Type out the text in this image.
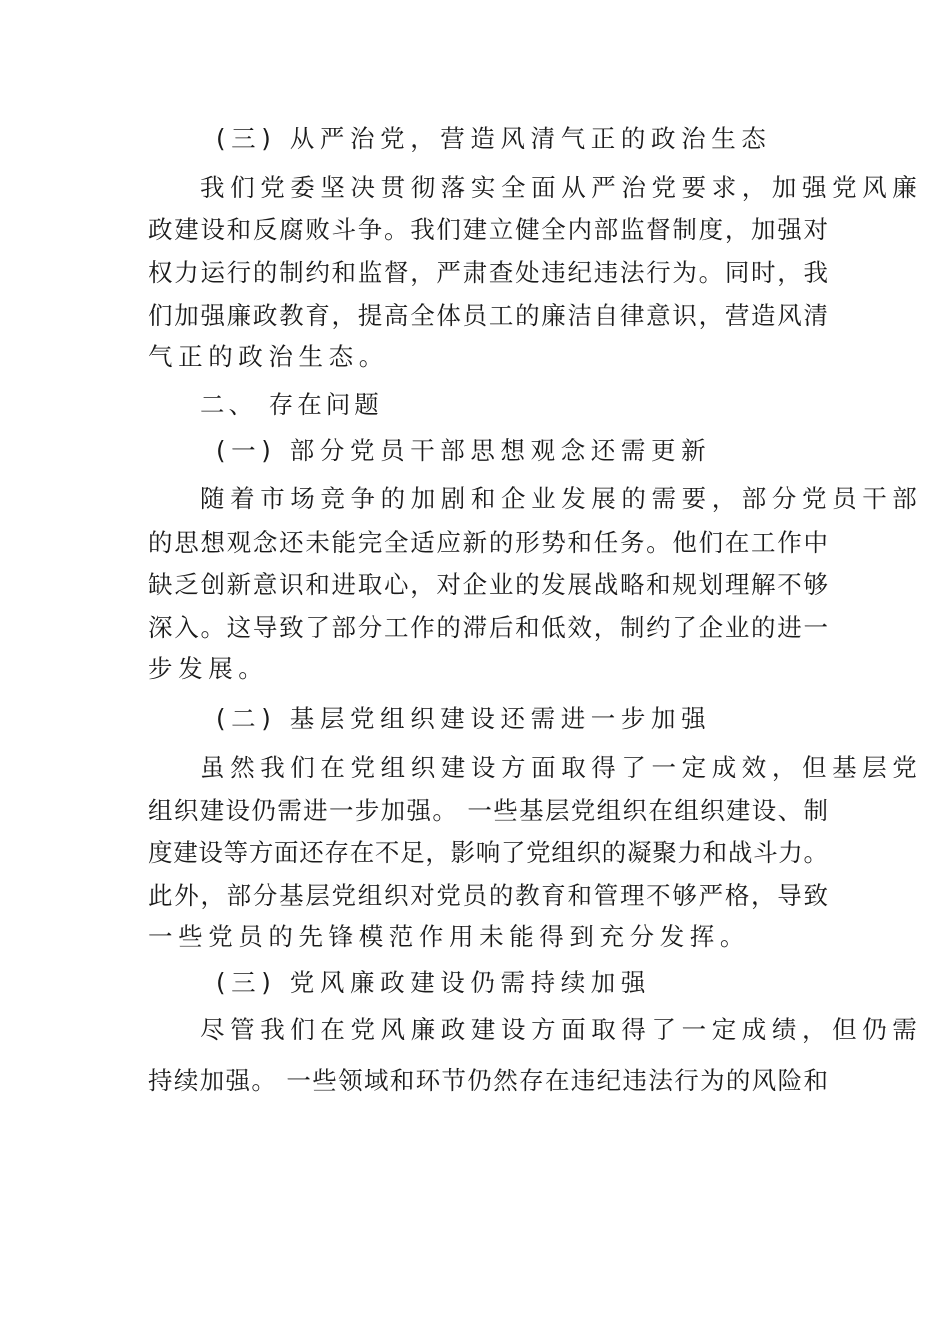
(三) 从严治党，营造风清气正的政治生态
我们党委坚决贯彻落实全面从严治党要求，加强党风廉
政建设和反腐败斗争。我们建立健全内部监督制度，加强对
权力运行的制约和监督，严肃查处违纪违法行为。同时，我
们加强廉政教育，提高全体员工的廉洁自律意识，营造风清
气正的政治生态。
二、 存在问题
(一) 部分党员干部思想观念还需更新
随着市场竞争的加剧和企业发展的需要，部分党员干部
的思想观念还未能完全适应新的形势和任务。他们在工作中
缺乏创新意识和进取心，对企业的发展战略和规划理解不够
深入。这导致了部分工作的滞后和低效，制约了企业的进一
步发展。
(二) 基层党组织建设还需进一步加强
虽然我们在党组织建设方面取得了一定成效，但基层党
组织建设仍需进一步加强。 一些基层党组织在组织建设、制
度建设等方面还存在不足，影响了党组织的凝聚力和战斗力。
此外，部分基层党组织对党员的教育和管理不够严格，导致
一些党员的先锋模范作用未能得到充分发挥。
(三) 党风廉政建设仍需持续加强
尽管我们在党风廉政建设方面取得了一定成绩，但仍需
持续加强。 一些领域和环节仍然存在违纪违法行为的风险和
